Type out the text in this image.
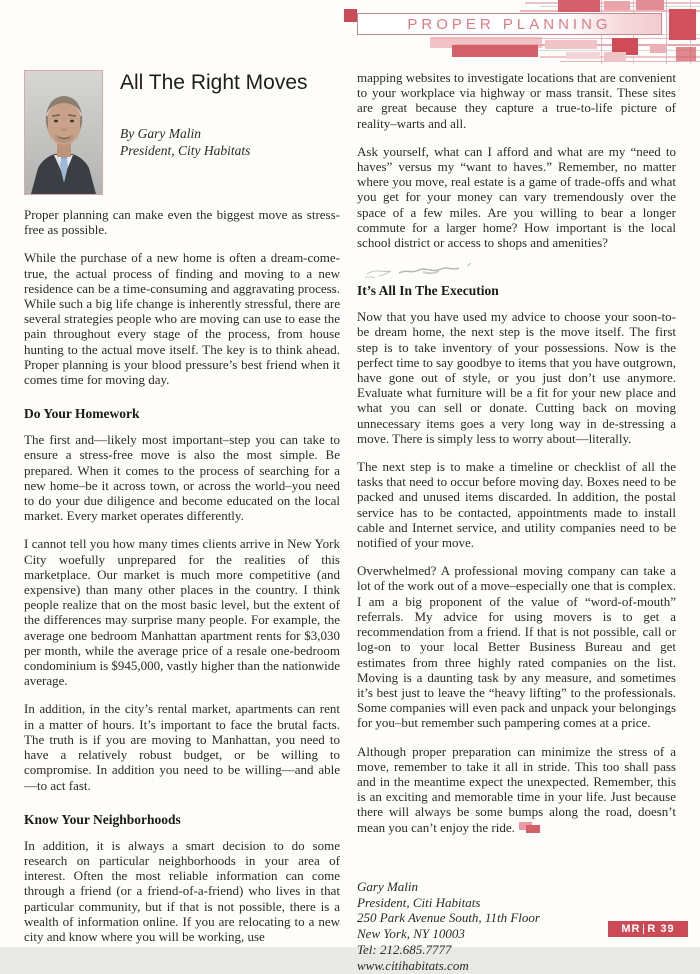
PROPER PLANNING
All The Right Moves
By Gary Malin
President, City Habitats

Proper planning can make even the biggest move as stress-free as possible.

While the purchase of a new home is often a dream-come-true, the actual process of finding and moving to a new residence can be a time-consuming and aggravating process. While such a big life change is inherently stressful, there are several strategies people who are moving can use to ease the pain throughout every stage of the process, from house hunting to the actual move itself. The key is to think ahead. Proper planning is your blood pressure’s best friend when it comes time for moving day.

Do Your Homework

The first and—likely most important–step you can take to ensure a stress-free move is also the most simple. Be prepared. When it comes to the process of searching for a new home–be it across town, or across the world–you need to do your due diligence and become educated on the local market. Every market operates differently.

I cannot tell you how many times clients arrive in New York City woefully unprepared for the realities of this marketplace. Our market is much more competitive (and expensive) than many other places in the country. I think people realize that on the most basic level, but the extent of the differences may surprise many people. For example, the average one bedroom Manhattan apartment rents for $3,030 per month, while the average price of a resale one-bedroom condominium is $945,000, vastly higher than the nationwide average.

In addition, in the city’s rental market, apartments can rent in a matter of hours. It’s important to face the brutal facts. The truth is if you are moving to Manhattan, you need to have a relatively robust budget, or be willing to compromise. In addition you need to be willing—and able—to act fast.

Know Your Neighborhoods

In addition, it is always a smart decision to do some research on particular neighborhoods in your area of interest. Often the most reliable information can come through a friend (or a friend-of-a-friend) who lives in that particular community, but if that is not possible, there is a wealth of information online. If you are relocating to a new city and know where you will be working, use

mapping websites to investigate locations that are convenient to your workplace via highway or mass transit. These sites are great because they capture a true-to-life picture of reality–warts and all.

Ask yourself, what can I afford and what are my “need to haves” versus my “want to haves.” Remember, no matter where you move, real estate is a game of trade-offs and what you get for your money can vary tremendously over the space of a few miles. Are you willing to bear a longer commute for a larger home? How important is the local school district or access to shops and amenities?

It’s All In The Execution

Now that you have used my advice to choose your soon-to-be dream home, the next step is the move itself. The first step is to take inventory of your possessions. Now is the perfect time to say goodbye to items that you have outgrown, have gone out of style, or you just don’t use anymore. Evaluate what furniture will be a fit for your new place and what you can sell or donate. Cutting back on moving unnecessary items goes a very long way in de-stressing a move. There is simply less to worry about—literally.

The next step is to make a timeline or checklist of all the tasks that need to occur before moving day. Boxes need to be packed and unused items discarded. In addition, the postal service has to be contacted, appointments made to install cable and Internet service, and utility companies need to be notified of your move.

Overwhelmed? A professional moving company can take a lot of the work out of a move–especially one that is complex. I am a big proponent of the value of “word-of-mouth” referrals. My advice for using movers is to get a recommendation from a friend. If that is not possible, call or log-on to your local Better Business Bureau and get estimates from three highly rated companies on the list. Moving is a daunting task by any measure, and sometimes it’s best just to leave the “heavy lifting” to the professionals. Some companies will even pack and unpack your belongings for you–but remember such pampering comes at a price.

Although proper preparation can minimize the stress of a move, remember to take it all in stride. This too shall pass and in the meantime expect the unexpected. Remember, this is an exciting and memorable time in your life. Just because there will always be some bumps along the road, doesn’t mean you can’t enjoy the ride.

Gary Malin
President, Citi Habitats
250 Park Avenue South, 11th Floor
New York, NY 10003
Tel: 212.685.7777
www.citihabitats.com
MR R 39
